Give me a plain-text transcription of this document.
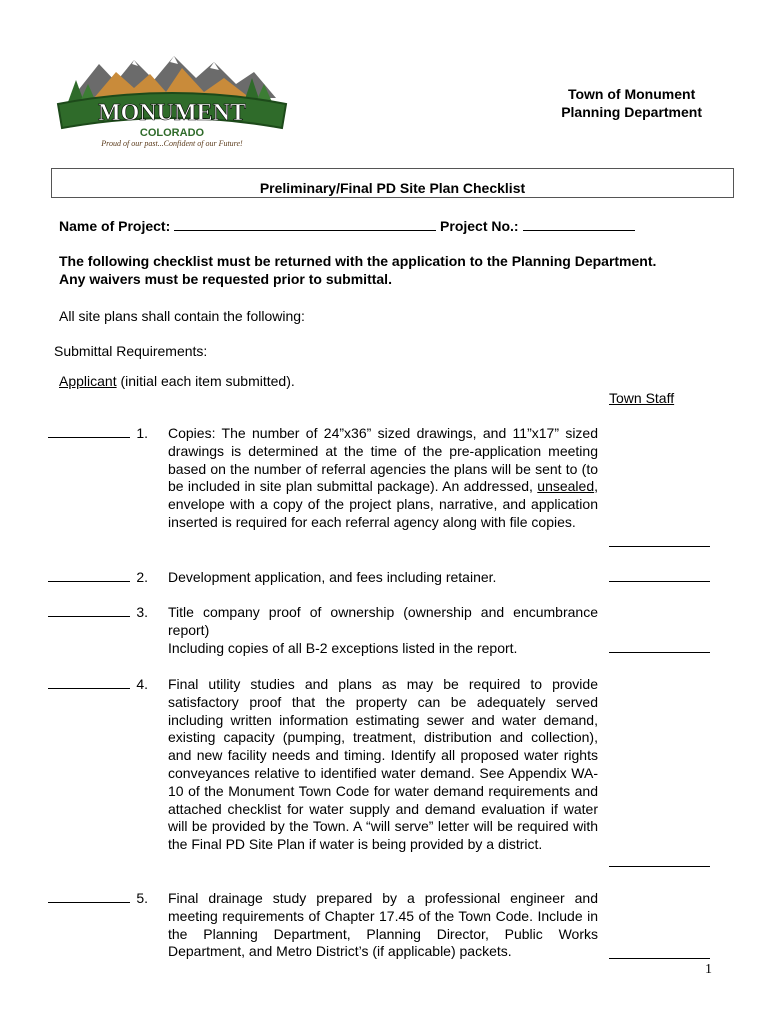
MONUMENT
COLORADO
Proud of our past...Confident of our Future!
Town of Monument
Planning Department
Preliminary/Final PD Site Plan Checklist
Name of Project:	Project No.:
The following checklist must be returned with the application to the Planning Department.
Any waivers must be requested prior to submittal.
All site plans shall contain the following:
Submittal Requirements:
Applicant (initial each item submitted).
Town Staff
1. Copies: The number of 24”x36” sized drawings, and 11”x17” sized drawings is determined at the time of the pre-application meeting based on the number of referral agencies the plans will be sent to (to be included in site plan submittal package). An addressed, unsealed, envelope with a copy of the project plans, narrative, and application inserted is required for each referral agency along with file copies.
2. Development application, and fees including retainer.
3. Title company proof of ownership (ownership and encumbrance report)
Including copies of all B-2 exceptions listed in the report.
4. Final utility studies and plans as may be required to provide satisfactory proof that the property can be adequately served including written information estimating sewer and water demand, existing capacity (pumping, treatment, distribution and collection), and new facility needs and timing. Identify all proposed water rights conveyances relative to identified water demand. See Appendix WA-10 of the Monument Town Code for water demand requirements and attached checklist for water supply and demand evaluation if water will be provided by the Town. A “will serve” letter will be required with the Final PD Site Plan if water is being provided by a district.
5. Final drainage study prepared by a professional engineer and meeting requirements of Chapter 17.45 of the Town Code. Include in the Planning Department, Planning Director, Public Works Department, and Metro District’s (if applicable) packets.
1
